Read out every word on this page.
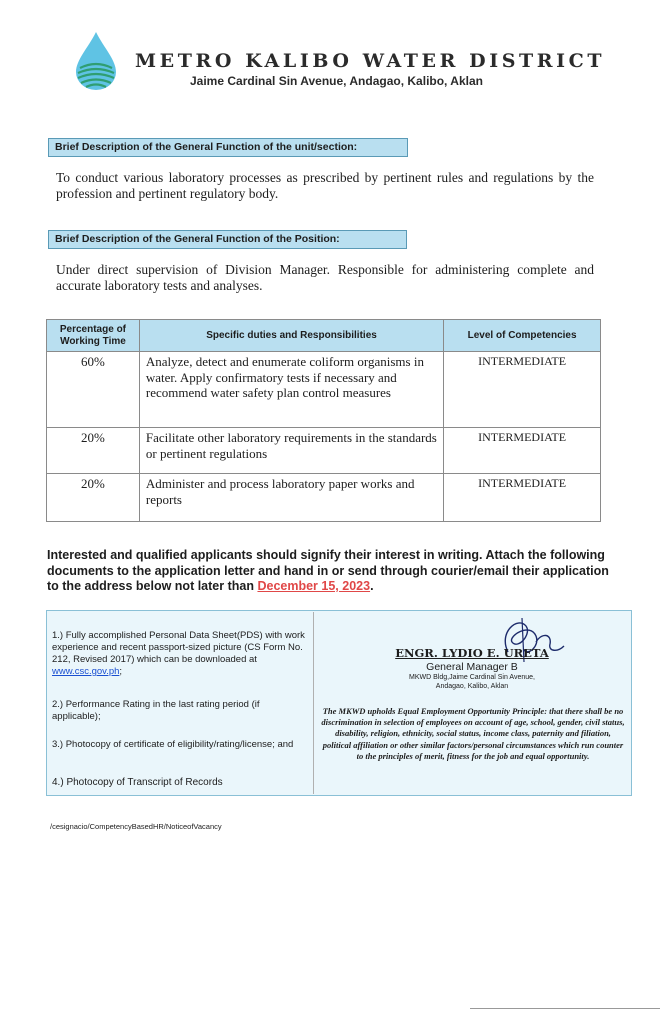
METRO KALIBO WATER DISTRICT
Jaime Cardinal Sin Avenue, Andagao, Kalibo, Aklan
Brief Description of the General Function of the unit/section:
To conduct various laboratory processes as prescribed by pertinent rules and regulations by the profession and pertinent regulatory body.
Brief Description of the General Function of the Position:
Under direct supervision of Division Manager. Responsible for administering complete and accurate laboratory tests and analyses.
Percentage of Working Time	Specific duties and Responsibilities	Level of Competencies
60%	Analyze, detect and enumerate coliform organisms in water. Apply confirmatory tests if necessary and recommend water safety plan control measures	INTERMEDIATE
20%	Facilitate other laboratory requirements in the standards or pertinent regulations	INTERMEDIATE
20%	Administer and process laboratory paper works and reports	INTERMEDIATE
Interested and qualified applicants should signify their interest in writing. Attach the following documents to the application letter and hand in or send through courier/email their application to the address below not later than December 15, 2023.
1.) Fully accomplished Personal Data Sheet(PDS) with work experience and recent passport-sized picture (CS Form No. 212, Revised 2017) which can be downloaded at www.csc.gov.ph;
2.) Performance Rating in the last rating period (if applicable);
3.) Photocopy of certificate of eligibility/rating/license; and
4.) Photocopy of Transcript of Records
ENGR. LYDIO E. URETA
General Manager B
MKWD Bldg,Jaime Cardinal Sin Avenue,
Andagao, Kalibo, Aklan
The MKWD upholds Equal Employment Opportunity Principle: that there shall be no discrimination in selection of employees on account of age, school, gender, civil status, disability, religion, ethnicity, social status, income class, paternity and filiation, political affiliation or other similar factors/personal circumstances which run counter to the principles of merit, fitness for the job and equal opportunity.
/cesignacio/CompetencyBasedHR/NoticeofVacancy
